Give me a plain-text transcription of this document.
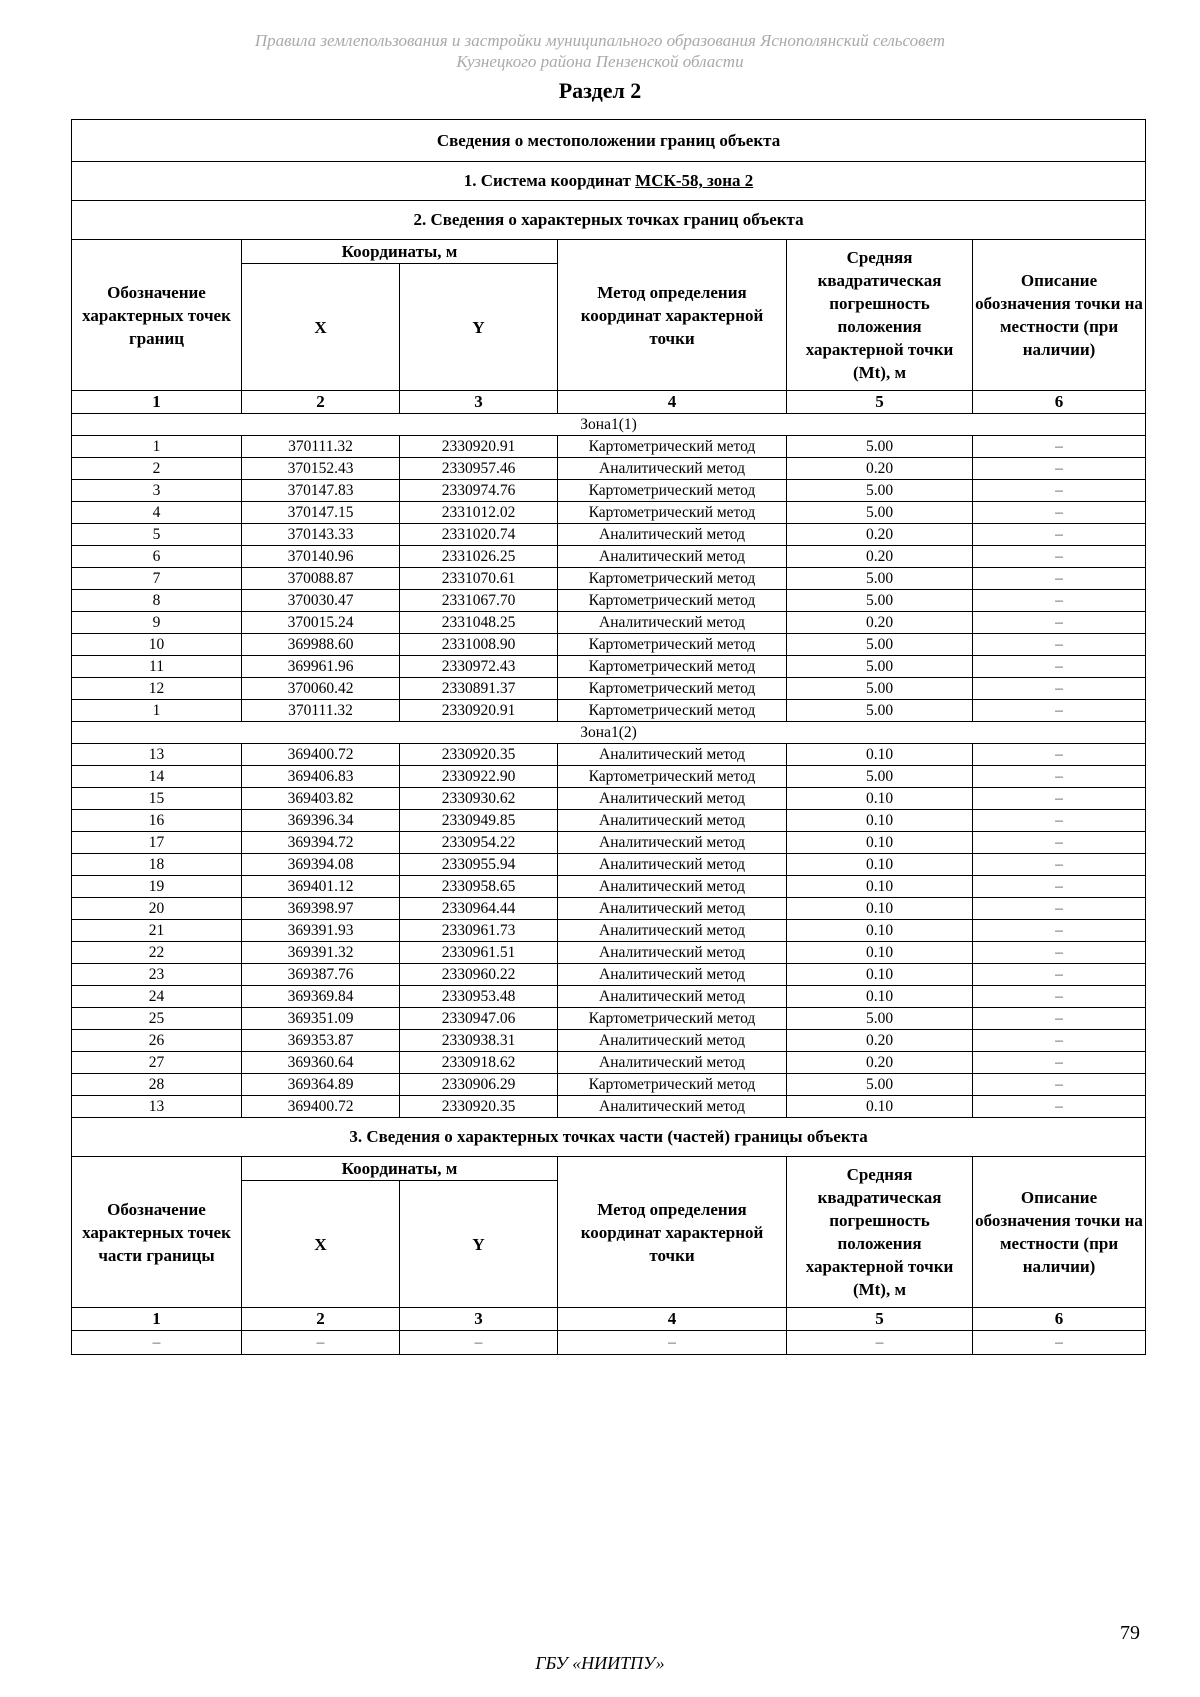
Правила землепользования и застройки муниципального образования Яснополянский сельсовет
Кузнецкого района Пензенской области
Раздел 2
Сведения о местоположении границ объекта					
1. Система координат МСК-58, зона 2					
2. Сведения о характерных точках границ объекта					
Обозначение характерных точек границ	Координаты, м		Метод определения координат характерной точки	Средняя квадратическая погрешность положения характерной точки (Mt), м	Описание обозначения точки на местности (при наличии)
	X	Y			
1	2	3	4	5	6
Зона1(1)					
1	370111.32	2330920.91	Картометрический метод	5.00	–
2	370152.43	2330957.46	Аналитический метод	0.20	–
3	370147.83	2330974.76	Картометрический метод	5.00	–
4	370147.15	2331012.02	Картометрический метод	5.00	–
5	370143.33	2331020.74	Аналитический метод	0.20	–
6	370140.96	2331026.25	Аналитический метод	0.20	–
7	370088.87	2331070.61	Картометрический метод	5.00	–
8	370030.47	2331067.70	Картометрический метод	5.00	–
9	370015.24	2331048.25	Аналитический метод	0.20	–
10	369988.60	2331008.90	Картометрический метод	5.00	–
11	369961.96	2330972.43	Картометрический метод	5.00	–
12	370060.42	2330891.37	Картометрический метод	5.00	–
1	370111.32	2330920.91	Картометрический метод	5.00	–
Зона1(2)					
13	369400.72	2330920.35	Аналитический метод	0.10	–
14	369406.83	2330922.90	Картометрический метод	5.00	–
15	369403.82	2330930.62	Аналитический метод	0.10	–
16	369396.34	2330949.85	Аналитический метод	0.10	–
17	369394.72	2330954.22	Аналитический метод	0.10	–
18	369394.08	2330955.94	Аналитический метод	0.10	–
19	369401.12	2330958.65	Аналитический метод	0.10	–
20	369398.97	2330964.44	Аналитический метод	0.10	–
21	369391.93	2330961.73	Аналитический метод	0.10	–
22	369391.32	2330961.51	Аналитический метод	0.10	–
23	369387.76	2330960.22	Аналитический метод	0.10	–
24	369369.84	2330953.48	Аналитический метод	0.10	–
25	369351.09	2330947.06	Картометрический метод	5.00	–
26	369353.87	2330938.31	Аналитический метод	0.20	–
27	369360.64	2330918.62	Аналитический метод	0.20	–
28	369364.89	2330906.29	Картометрический метод	5.00	–
13	369400.72	2330920.35	Аналитический метод	0.10	–
3. Сведения о характерных точках части (частей) границы объекта					
Обозначение характерных точек части границы	Координаты, м		Метод определения координат характерной точки	Средняя квадратическая погрешность положения характерной точки (Mt), м	Описание обозначения точки на местности (при наличии)
	X	Y			
1	2	3	4	5	6
–	–	–	–	–	–
79
ГБУ «НИИТПУ»
